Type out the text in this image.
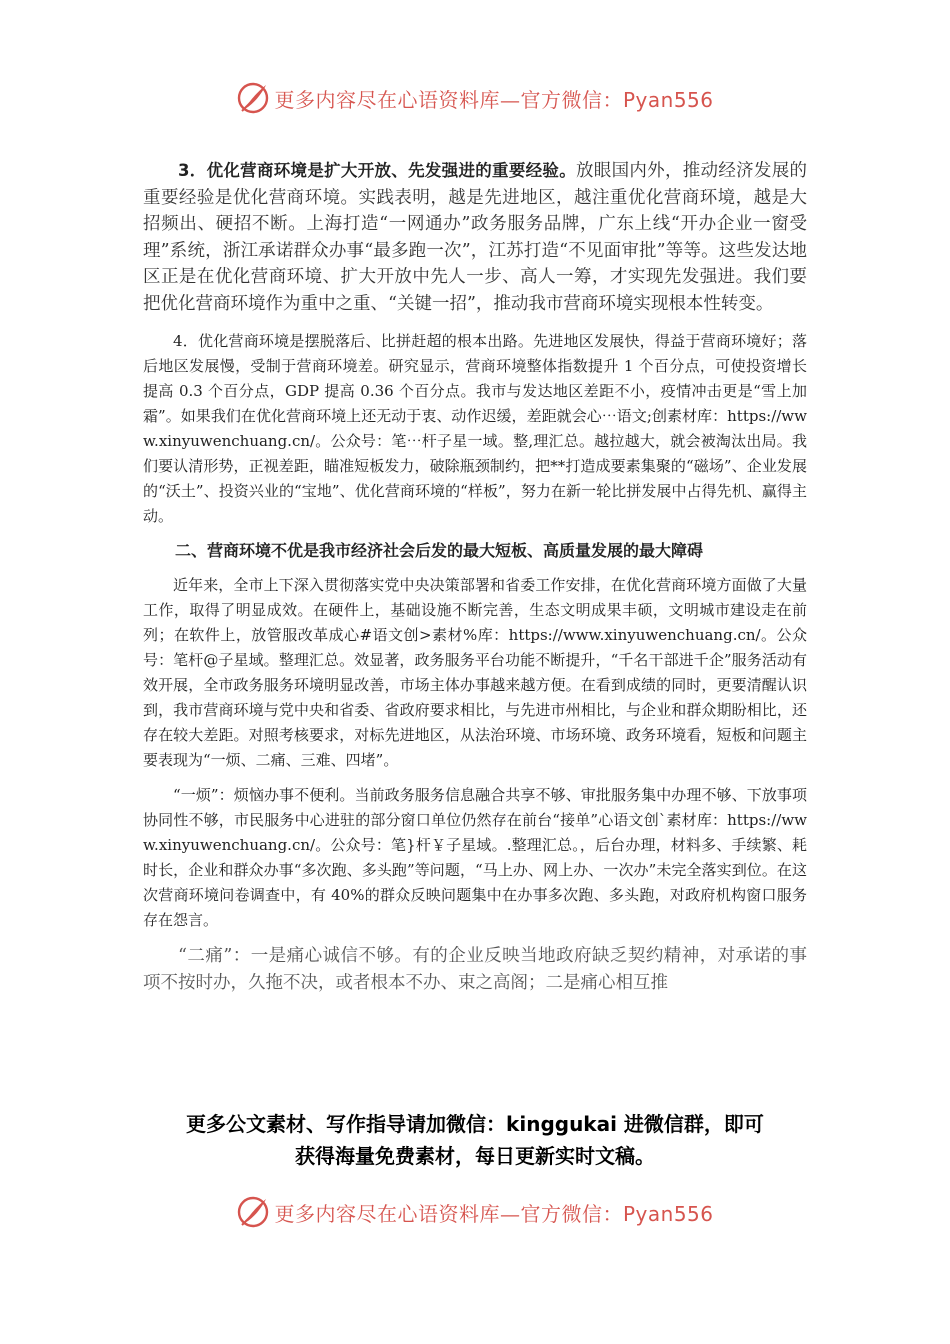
更多内容尽在心语资料库—官方微信：Pyan556

3．优化营商环境是扩大开放、先发强进的重要经验。放眼国内外，推动经济发展的重要经验是优化营商环境。实践表明，越是先进地区，越注重优化营商环境，越是大招频出、硬招不断。上海打造“一网通办”政务服务品牌，广东上线“开办企业一窗受理”系统，浙江承诺群众办事“最多跑一次”，江苏打造“不见面审批”等等。这些发达地区正是在优化营商环境、扩大开放中先人一步、高人一筹，才实现先发强进。我们要把优化营商环境作为重中之重、“关键一招”，推动我市营商环境实现根本性转变。

4．优化营商环境是摆脱落后、比拼赶超的根本出路。先进地区发展快，得益于营商环境好；落后地区发展慢，受制于营商环境差。研究显示，营商环境整体指数提升 1 个百分点，可使投资增长提高 0.3 个百分点，GDP 提高 0.36 个百分点。我市与发达地区差距不小，疫情冲击更是“雪上加霜”。如果我们在优化营商环境上还无动于衷、动作迟缓，差距就会心⋯语文;创素材库：https://www.xinyuwenchuang.cn/。公众号：笔⋯杆子星一域。整,理汇总。越拉越大，就会被淘汰出局。我们要认清形势，正视差距，瞄准短板发力，破除瓶颈制约，把**打造成要素集聚的“磁场”、企业发展的“沃土”、投资兴业的“宝地”、优化营商环境的“样板”，努力在新一轮比拼发展中占得先机、赢得主动。

二、营商环境不优是我市经济社会后发的最大短板、高质量发展的最大障碍

近年来，全市上下深入贯彻落实党中央决策部署和省委工作安排，在优化营商环境方面做了大量工作，取得了明显成效。在硬件上，基础设施不断完善，生态文明成果丰硕，文明城市建设走在前列；在软件上，放管服改革成心#语文创>素材%库：https://www.xinyuwenchuang.cn/。公众号：笔杆@子星域。整理汇总。效显著，政务服务平台功能不断提升，“千名干部进千企”服务活动有效开展，全市政务服务环境明显改善，市场主体办事越来越方便。在看到成绩的同时，更要清醒认识到，我市营商环境与党中央和省委、省政府要求相比，与先进市州相比，与企业和群众期盼相比，还存在较大差距。对照考核要求，对标先进地区，从法治环境、市场环境、政务环境看，短板和问题主要表现为“一烦、二痛、三难、四堵”。

“一烦”：烦恼办事不便利。当前政务服务信息融合共享不够、审批服务集中办理不够、下放事项协同性不够，市民服务中心进驻的部分窗口单位仍然存在前台“接单”心语文创`素材库：https://www.xinyuwenchuang.cn/。公众号：笔}杆￥子星域。.整理汇总。，后台办理，材料多、手续繁、耗时长，企业和群众办事“多次跑、多头跑”等问题，“马上办、网上办、一次办”未完全落实到位。在这次营商环境问卷调查中，有 40%的群众反映问题集中在办事多次跑、多头跑，对政府机构窗口服务存在怨言。

“二痛”：一是痛心诚信不够。有的企业反映当地政府缺乏契约精神，对承诺的事项不按时办，久拖不决，或者根本不办、束之高阁；二是痛心相互推

更多公文素材、写作指导请加微信：kinggukai 进微信群，即可
获得海量免费素材，每日更新实时文稿。
更多内容尽在心语资料库—官方微信：Pyan556
